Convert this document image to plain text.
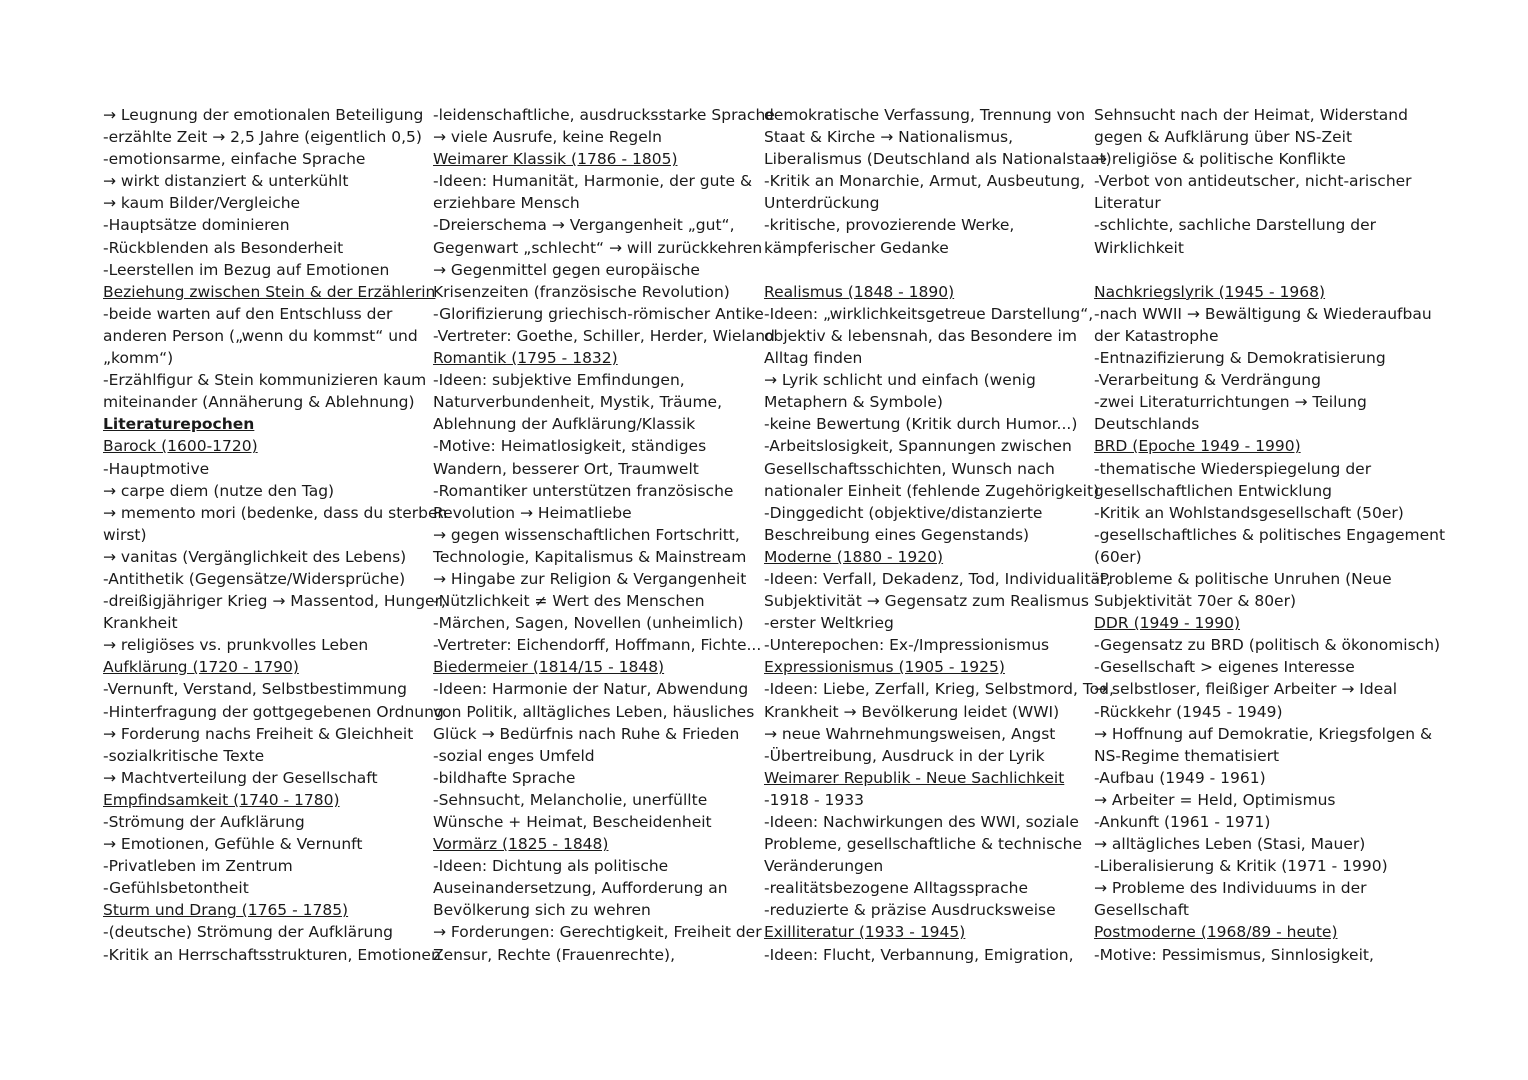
→ Leugnung der emotionalen Beteiligung
-erzählte Zeit → 2,5 Jahre (eigentlich 0,5)
-emotionsarme, einfache Sprache
→ wirkt distanziert & unterkühlt
→ kaum Bilder/Vergleiche
-Hauptsätze dominieren
-Rückblenden als Besonderheit
-Leerstellen im Bezug auf Emotionen
Beziehung zwischen Stein & der Erzählerin
-beide warten auf den Entschluss der
anderen Person („wenn du kommst“ und
„komm“)
-Erzählfigur & Stein kommunizieren kaum
miteinander (Annäherung & Ablehnung)
Literaturepochen
Barock (1600-1720)
-Hauptmotive
→ carpe diem (nutze den Tag)
→ memento mori (bedenke, dass du sterben
wirst)
→ vanitas (Vergänglichkeit des Lebens)
-Antithetik (Gegensätze/Widersprüche)
-dreißigjähriger Krieg → Massentod, Hunger,
Krankheit
→ religiöses vs. prunkvolles Leben
Aufklärung (1720 - 1790)
-Vernunft, Verstand, Selbstbestimmung
-Hinterfragung der gottgegebenen Ordnung
→ Forderung nachs Freiheit & Gleichheit
-sozialkritische Texte
→ Machtverteilung der Gesellschaft
Empfindsamkeit (1740 - 1780)
-Strömung der Aufklärung
→ Emotionen, Gefühle & Vernunft
-Privatleben im Zentrum
-Gefühlsbetontheit
Sturm und Drang (1765 - 1785)
-(deutsche) Strömung der Aufklärung
-Kritik an Herrschaftsstrukturen, Emotionen
-leidenschaftliche, ausdrucksstarke Sprache
→ viele Ausrufe, keine Regeln
Weimarer Klassik (1786 - 1805)
-Ideen: Humanität, Harmonie, der gute &
erziehbare Mensch
-Dreierschema → Vergangenheit „gut“,
Gegenwart „schlecht“ → will zurückkehren
→ Gegenmittel gegen europäische
Krisenzeiten (französische Revolution)
-Glorifizierung griechisch-römischer Antike
-Vertreter: Goethe, Schiller, Herder, Wieland
Romantik (1795 - 1832)
-Ideen: subjektive Emfindungen,
Naturverbundenheit, Mystik, Träume,
Ablehnung der Aufklärung/Klassik
-Motive: Heimatlosigkeit, ständiges
Wandern, besserer Ort, Traumwelt
-Romantiker unterstützen französische
Revolution → Heimatliebe
→ gegen wissenschaftlichen Fortschritt,
Technologie, Kapitalismus & Mainstream
→ Hingabe zur Religion & Vergangenheit
-Nützlichkeit ≠ Wert des Menschen
-Märchen, Sagen, Novellen (unheimlich)
-Vertreter: Eichendorff, Hoffmann, Fichte...
Biedermeier (1814/15 - 1848)
-Ideen: Harmonie der Natur, Abwendung
von Politik, alltägliches Leben, häusliches
Glück → Bedürfnis nach Ruhe & Frieden
-sozial enges Umfeld
-bildhafte Sprache
-Sehnsucht, Melancholie, unerfüllte
Wünsche + Heimat, Bescheidenheit
Vormärz (1825 - 1848)
-Ideen: Dichtung als politische
Auseinandersetzung, Aufforderung an
Bevölkerung sich zu wehren
→ Forderungen: Gerechtigkeit, Freiheit der
Zensur, Rechte (Frauenrechte),
demokratische Verfassung, Trennung von
Staat & Kirche → Nationalismus,
Liberalismus (Deutschland als Nationalstaat)
-Kritik an Monarchie, Armut, Ausbeutung,
Unterdrückung
-kritische, provozierende Werke,
kämpferischer Gedanke
Realismus (1848 - 1890)
-Ideen: „wirklichkeitsgetreue Darstellung“,
objektiv & lebensnah, das Besondere im
Alltag finden
→ Lyrik schlicht und einfach (wenig
Metaphern & Symbole)
-keine Bewertung (Kritik durch Humor...)
-Arbeitslosigkeit, Spannungen zwischen
Gesellschaftsschichten, Wunsch nach
nationaler Einheit (fehlende Zugehörigkeit)
-Dinggedicht (objektive/distanzierte
Beschreibung eines Gegenstands)
Moderne (1880 - 1920)
-Ideen: Verfall, Dekadenz, Tod, Individualität,
Subjektivität → Gegensatz zum Realismus
-erster Weltkrieg
-Unterepochen: Ex-/Impressionismus
Expressionismus (1905 - 1925)
-Ideen: Liebe, Zerfall, Krieg, Selbstmord, Tod,
Krankheit → Bevölkerung leidet (WWI)
→ neue Wahrnehmungsweisen, Angst
-Übertreibung, Ausdruck in der Lyrik
Weimarer Republik - Neue Sachlichkeit
-1918 - 1933
-Ideen: Nachwirkungen des WWI, soziale
Probleme, gesellschaftliche & technische
Veränderungen
-realitätsbezogene Alltagssprache
-reduzierte & präzise Ausdrucksweise
Exilliteratur (1933 - 1945)
-Ideen: Flucht, Verbannung, Emigration,
Sehnsucht nach der Heimat, Widerstand
gegen & Aufklärung über NS-Zeit
→ religiöse & politische Konflikte
-Verbot von antideutscher, nicht-arischer
Literatur
-schlichte, sachliche Darstellung der
Wirklichkeit
Nachkriegslyrik (1945 - 1968)
-nach WWII → Bewältigung & Wiederaufbau
der Katastrophe
-Entnazifizierung & Demokratisierung
-Verarbeitung & Verdrängung
-zwei Literaturrichtungen → Teilung
Deutschlands
BRD (Epoche 1949 - 1990)
-thematische Wiederspiegelung der
gesellschaftlichen Entwicklung
-Kritik an Wohlstandsgesellschaft (50er)
-gesellschaftliches & politisches Engagement
(60er)
-Probleme & politische Unruhen (Neue
Subjektivität 70er & 80er)
DDR (1949 - 1990)
-Gegensatz zu BRD (politisch & ökonomisch)
-Gesellschaft > eigenes Interesse
→ selbstloser, fleißiger Arbeiter → Ideal
-Rückkehr (1945 - 1949)
→ Hoffnung auf Demokratie, Kriegsfolgen &
NS-Regime thematisiert
-Aufbau (1949 - 1961)
→ Arbeiter = Held, Optimismus
-Ankunft (1961 - 1971)
→ alltägliches Leben (Stasi, Mauer)
-Liberalisierung & Kritik (1971 - 1990)
→ Probleme des Individuums in der
Gesellschaft
Postmoderne (1968/89 - heute)
-Motive: Pessimismus, Sinnlosigkeit,
